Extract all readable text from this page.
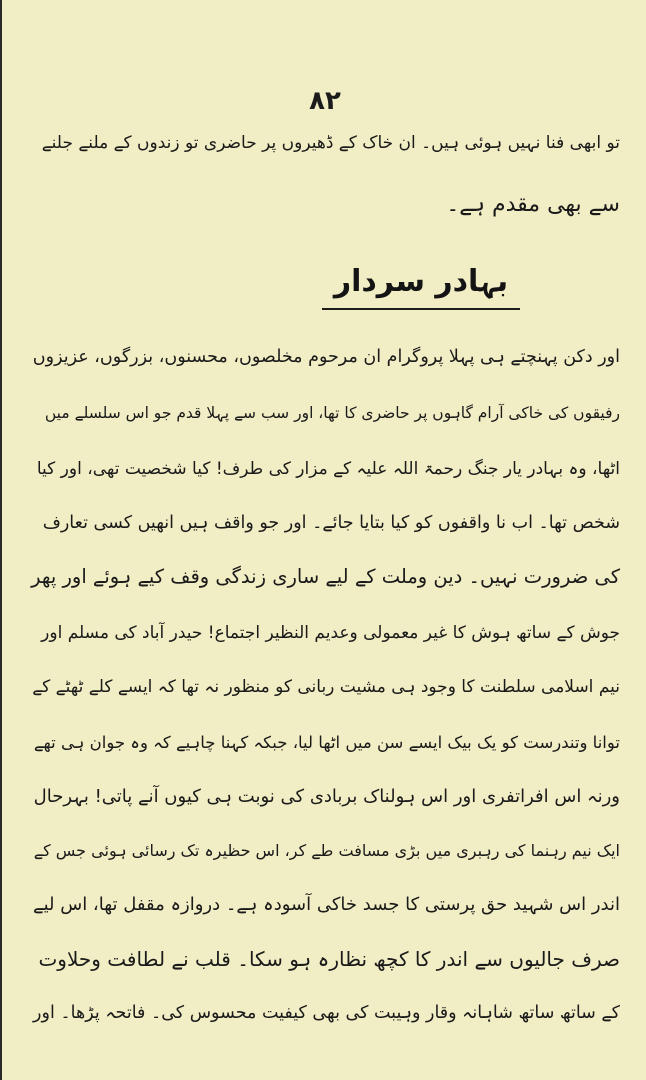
۸۲
تو ابھی فنا نہیں ہوئی ہیں۔ ان خاک کے ڈھیروں پر حاضری تو زندوں کے ملنے جلنے
سے بھی مقدم ہے۔
بہادر سردار
اور دکن پہنچتے ہی پہلا پروگرام ان مرحوم مخلصوں، محسنوں، بزرگوں، عزیزوں
رفیقوں کی خاکی آرام گاہوں پر حاضری کا تھا، اور سب سے پہلا قدم جو اس سلسلے میں
اٹھا، وہ بہادر یار جنگ رحمۃ اللہ علیہ کے مزار کی طرف! کیا شخصیت تھی، اور کیا
شخص تھا۔ اب نا واقفوں کو کیا بتایا جائے۔ اور جو واقف ہیں انھیں کسی تعارف
کی ضرورت نہیں۔ دین وملت کے لیے ساری زندگی وقف کیے ہوئے اور پھر
جوش کے ساتھ ہوش کا غیر معمولی وعدیم النظیر اجتماع! حیدر آباد کی مسلم اور
نیم اسلامی سلطنت کا وجود ہی مشیت ربانی کو منظور نہ تھا کہ ایسے کلے ٹھٹے کے
توانا وتندرست کو یک بیک ایسے سن میں اٹھا لیا، جبکہ کہنا چاہیے کہ وہ جوان ہی تھے
ورنہ اس افراتفری اور اس ہولناک بربادی کی نوبت ہی کیوں آنے پاتی! بہرحال
ایک نیم رہنما کی رہبری میں بڑی مسافت طے کر، اس حظیرہ تک رسائی ہوئی جس کے
اندر اس شہید حق پرستی کا جسد خاکی آسودہ ہے۔ دروازہ مقفل تھا، اس لیے
صرف جالیوں سے اندر کا کچھ نظارہ ہو سکا۔ قلب نے لطافت وحلاوت
کے ساتھ ساتھ شاہانہ وقار وہیبت کی بھی کیفیت محسوس کی۔ فاتحہ پڑھا۔ اور
